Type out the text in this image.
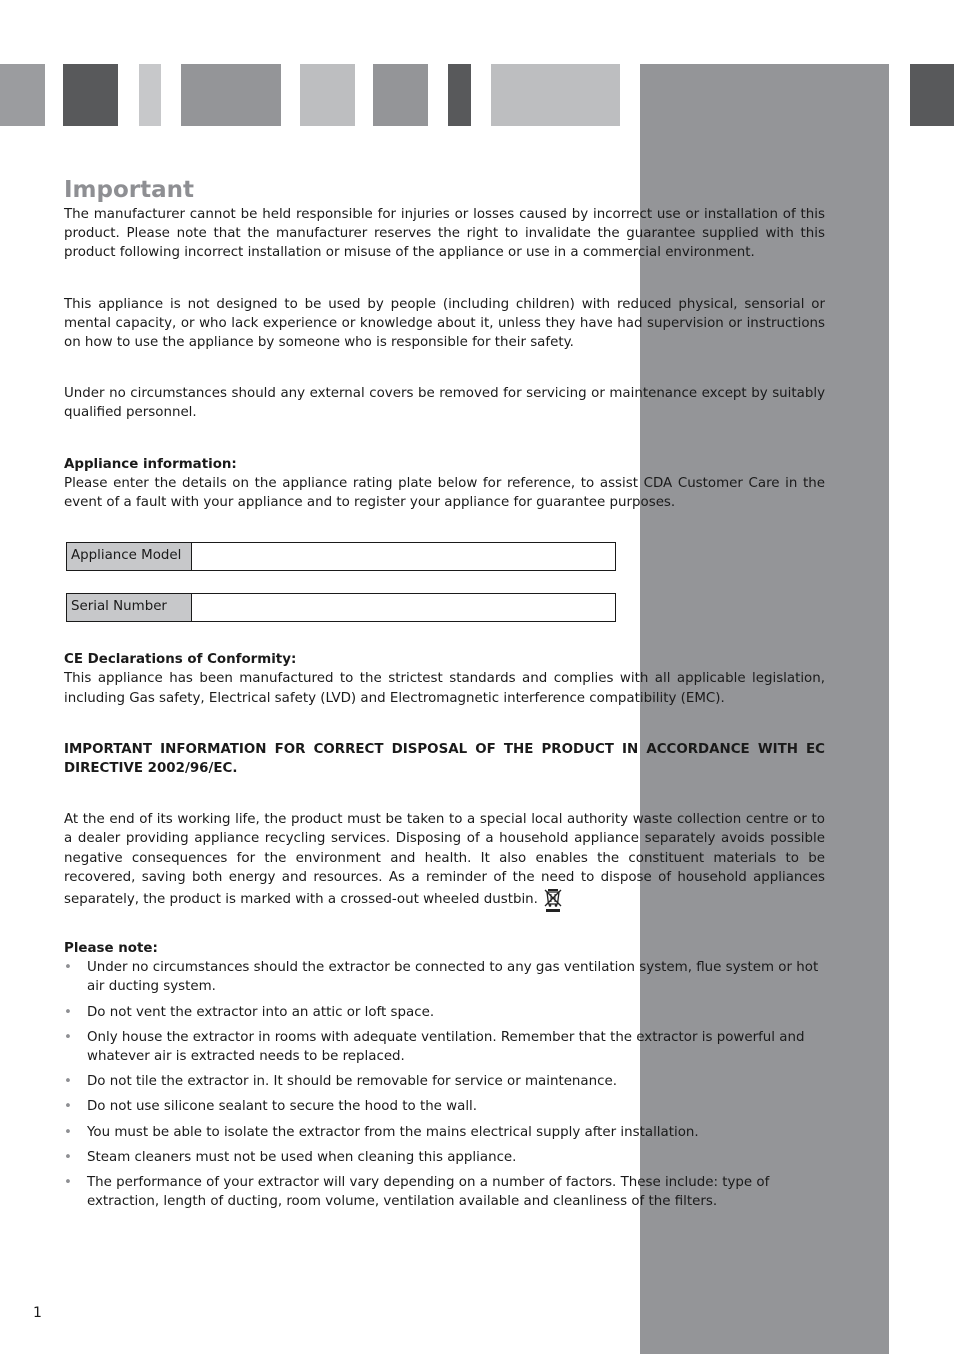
Important

The manufacturer cannot be held responsible for injuries or losses caused by incorrect use or installation of this product. Please note that the manufacturer reserves the right to invalidate the guarantee supplied with this product following incorrect installation or misuse of the appliance or use in a commercial environment.

This appliance is not designed to be used by people (including children) with reduced physical, sensorial or mental capacity, or who lack experience or knowledge about it, unless they have had supervision or instructions on how to use the appliance by someone who is responsible for their safety.

Under no circumstances should any external covers be removed for servicing or maintenance except by suitably qualified personnel.

Appliance information:

Please enter the details on the appliance rating plate below for reference, to assist CDA Customer Care in the event of a fault with your appliance and to register your appliance for guarantee purposes.

Appliance Model
Serial Number

CE Declarations of Conformity:

This appliance has been manufactured to the strictest standards and complies with all applicable legislation, including Gas safety, Electrical safety (LVD) and Electromagnetic interference compatibility (EMC).

IMPORTANT INFORMATION FOR CORRECT DISPOSAL OF THE PRODUCT IN ACCORDANCE WITH EC DIRECTIVE 2002/96/EC.

At the end of its working life, the product must be taken to a special local authority waste collection centre or to a dealer providing appliance recycling services. Disposing of a household appliance separately avoids possible negative consequences for the environment and health. It also enables the constituent materials to be recovered, saving both energy and resources. As a reminder of the need to dispose of household appliances separately, the product is marked with a crossed-out wheeled dustbin.

Please note:

• Under no circumstances should the extractor be connected to any gas ventilation system, flue system or hot air ducting system.
• Do not vent the extractor into an attic or loft space.
• Only house the extractor in rooms with adequate ventilation. Remember that the extractor is powerful and whatever air is extracted needs to be replaced.
• Do not tile the extractor in. It should be removable for service or maintenance.
• Do not use silicone sealant to secure the hood to the wall.
• You must be able to isolate the extractor from the mains electrical supply after installation.
• Steam cleaners must not be used when cleaning this appliance.
• The performance of your extractor will vary depending on a number of factors. These include: type of extraction, length of ducting, room volume, ventilation available and cleanliness of the filters.
1
